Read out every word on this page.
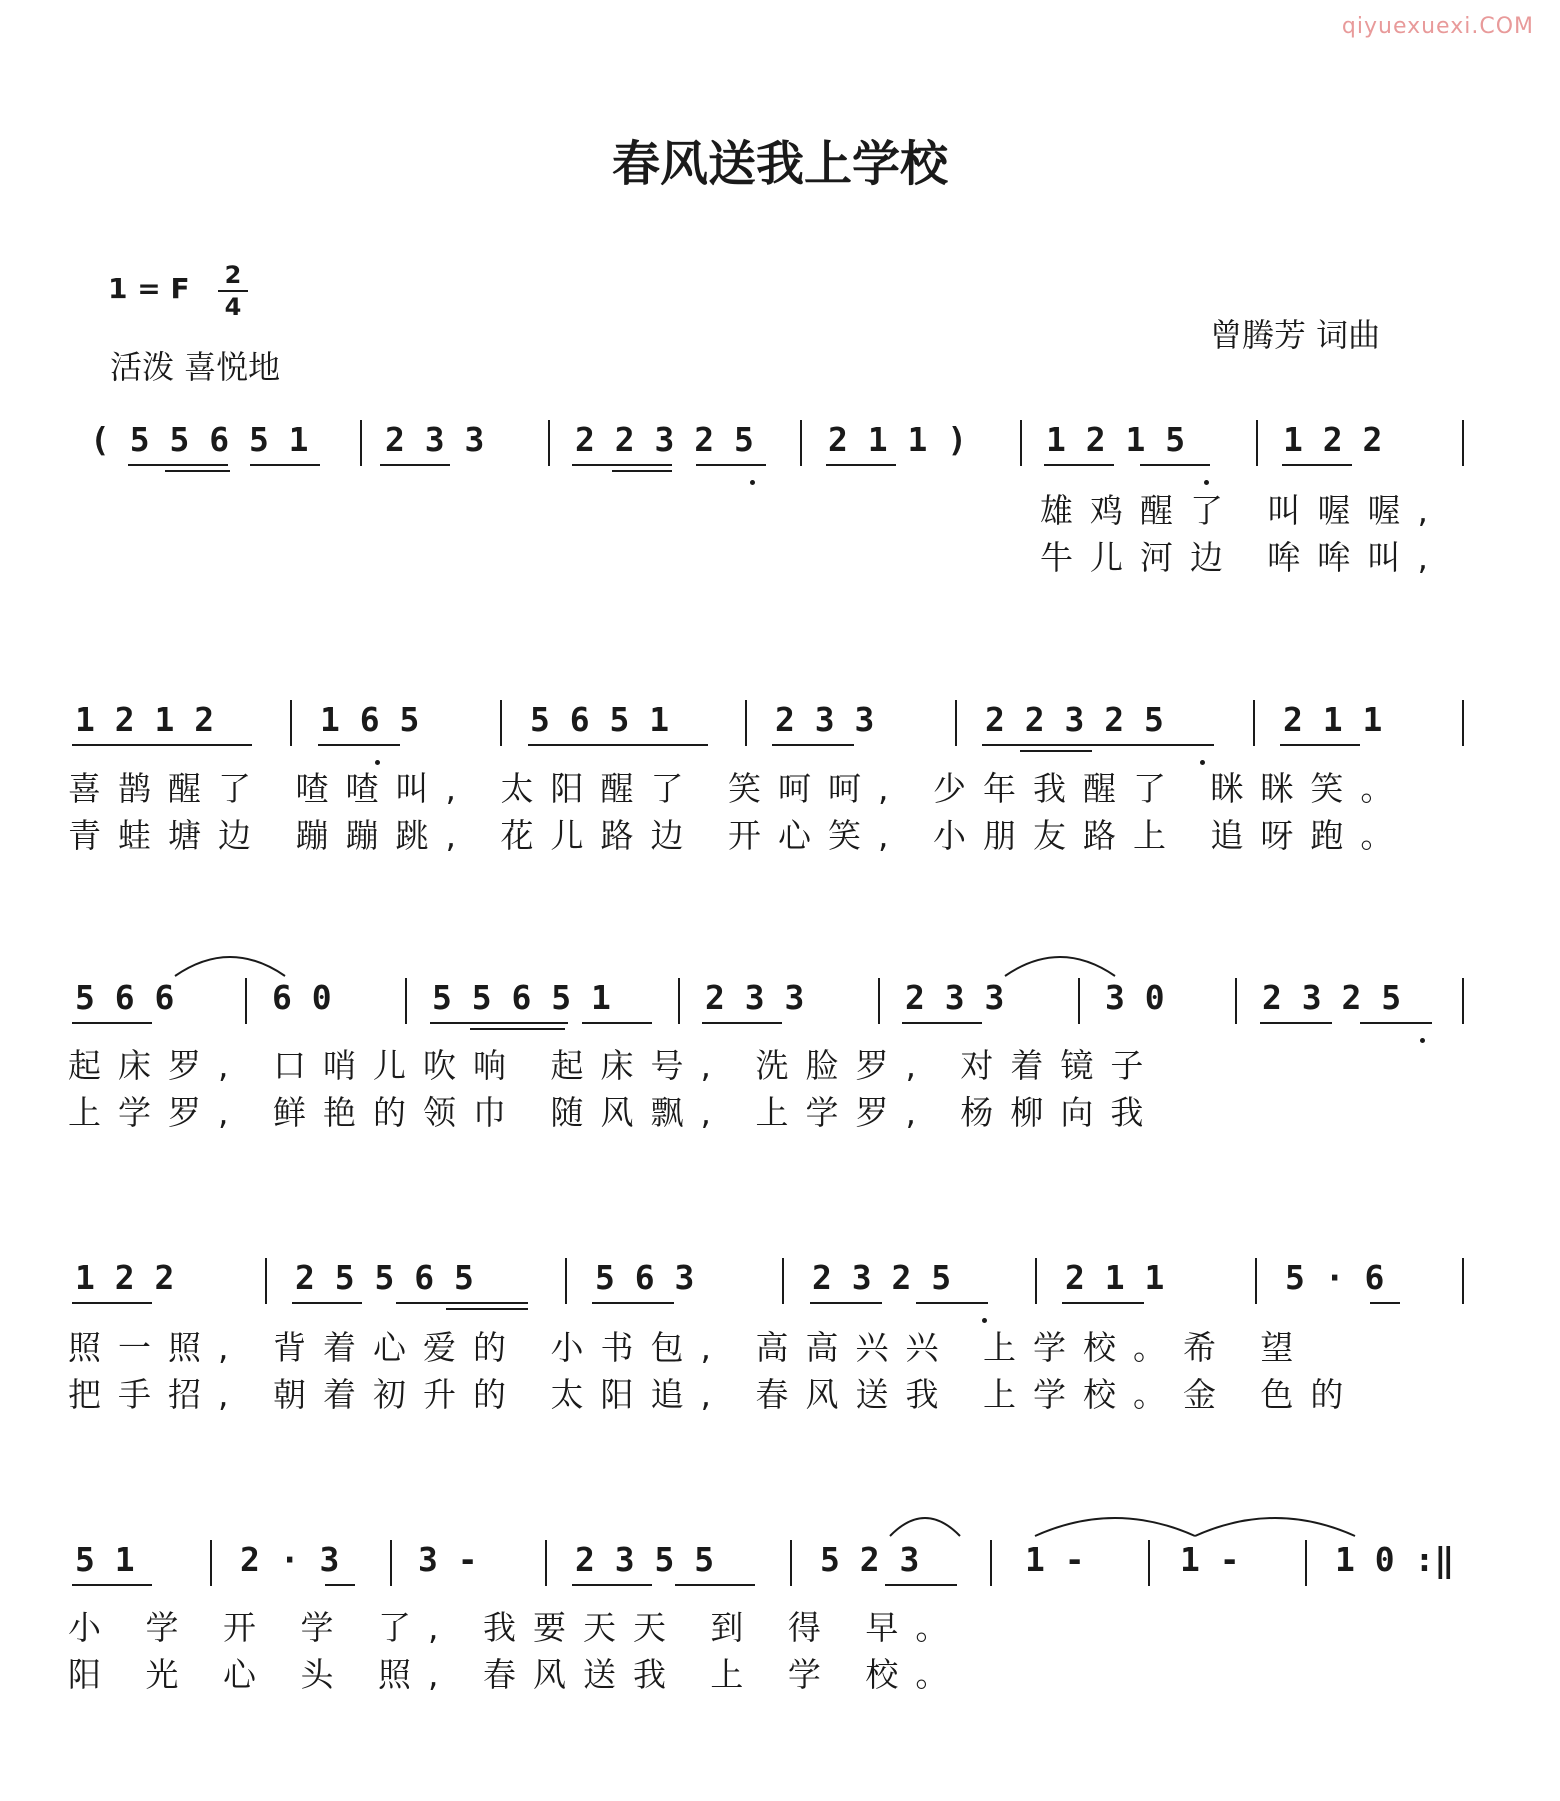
qiyuexuexi.COM
春风送我上学校
1 = F 2
4
活泼 喜悦地
曾腾芳 词曲
( 5 5 6 5 1 2 3 3	2 2 3 2 5 2 1 1 ) 1 2 1 5	1 2 2
雄鸡醒了 叫喔喔,
牛儿河边 哞哞叫,
1 2 1 2	1 6 5	5 6 5 1	2 3 3	2 2 3 2 5	2 1 1
喜鹊醒了 喳喳叫, 太阳醒了 笑呵呵, 少年我醒了 眯眯笑。
青蛙塘边 蹦蹦跳, 花儿路边 开心笑, 小朋友路上 追呀跑。
5 6 6	6 0	5 5 6 5 1	2 3 3	2 3 3	3 0	2 3 2 5
起床罗, 口哨儿吹响 起床号, 洗脸罗, 对着镜子
上学罗, 鲜艳的领巾 随风飘, 上学罗, 杨柳向我
1 2 2	2 5 5 6 5	5 6 3	2 3 2 5	2 1 1	5 · 6
照一照, 背着心爱的 小书包, 高高兴兴 上学校。希 望
把手招, 朝着初升的 太阳追, 春风送我 上学校。金 色的
5 1	2 · 3 3 -	2 3 5 5	5 2 3	1 -	1 -	1 0 :‖
小 学 开 学 了, 我要天天 到 得 早。
阳 光 心 头 照, 春风送我 上 学 校。
